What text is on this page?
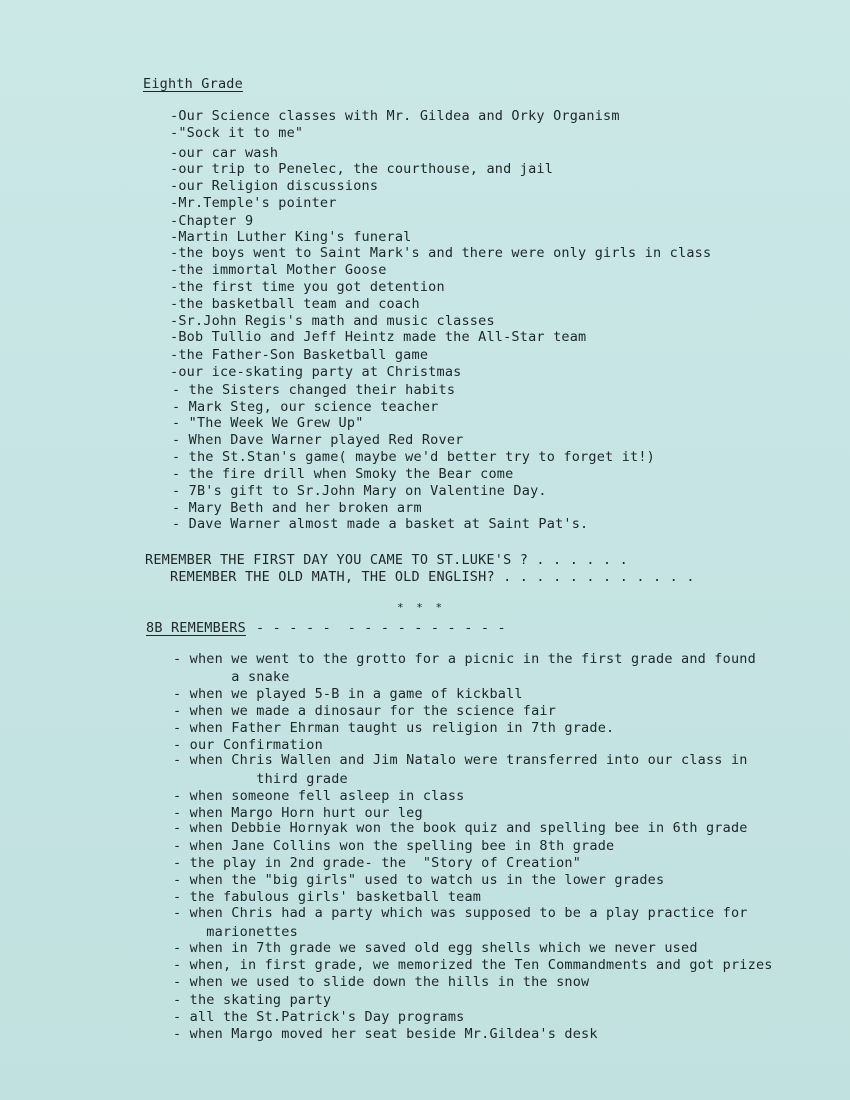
Eighth Grade
-Our Science classes with Mr. Gildea and Orky Organism
-"Sock it to me"
-our car wash
-our trip to Penelec, the courthouse, and jail
-our Religion discussions
-Mr.Temple's pointer
-Chapter 9
-Martin Luther King's funeral
-the boys went to Saint Mark's and there were only girls in class
-the immortal Mother Goose
-the first time you got detention
-the basketball team and coach
-Sr.John Regis's math and music classes
-Bob Tullio and Jeff Heintz made the All-Star team
-the Father-Son Basketball game
-our ice-skating party at Christmas
- the Sisters changed their habits
- Mark Steg, our science teacher
- "The Week We Grew Up"
- When Dave Warner played Red Rover
- the St.Stan's game( maybe we'd better try to forget it!)
- the fire drill when Smoky the Bear come
- 7B's gift to Sr.John Mary on Valentine Day.
- Mary Beth and her broken arm
- Dave Warner almost made a basket at Saint Pat's.
REMEMBER THE FIRST DAY YOU CAME TO ST.LUKE'S ? . . . . . .
REMEMBER THE OLD MATH, THE OLD ENGLISH? . . . . . . . . . . . .
* * *
8B REMEMBERS - - - - -  - - - - - - - - - -
- when we went to the grotto for a picnic in the first grade and found
a snake
- when we played 5-B in a game of kickball
- when we made a dinosaur for the science fair
- when Father Ehrman taught us religion in 7th grade.
- our Confirmation
- when Chris Wallen and Jim Natalo were transferred into our class in
third grade
- when someone fell asleep in class
- when Margo Horn hurt our leg
- when Debbie Hornyak won the book quiz and spelling bee in 6th grade
- when Jane Collins won the spelling bee in 8th grade
- the play in 2nd grade- the  "Story of Creation"
- when the "big girls" used to watch us in the lower grades
- the fabulous girls' basketball team
- when Chris had a party which was supposed to be a play practice for
marionettes
- when in 7th grade we saved old egg shells which we never used
- when, in first grade, we memorized the Ten Commandments and got prizes
- when we used to slide down the hills in the snow
- the skating party
- all the St.Patrick's Day programs
- when Margo moved her seat beside Mr.Gildea's desk
